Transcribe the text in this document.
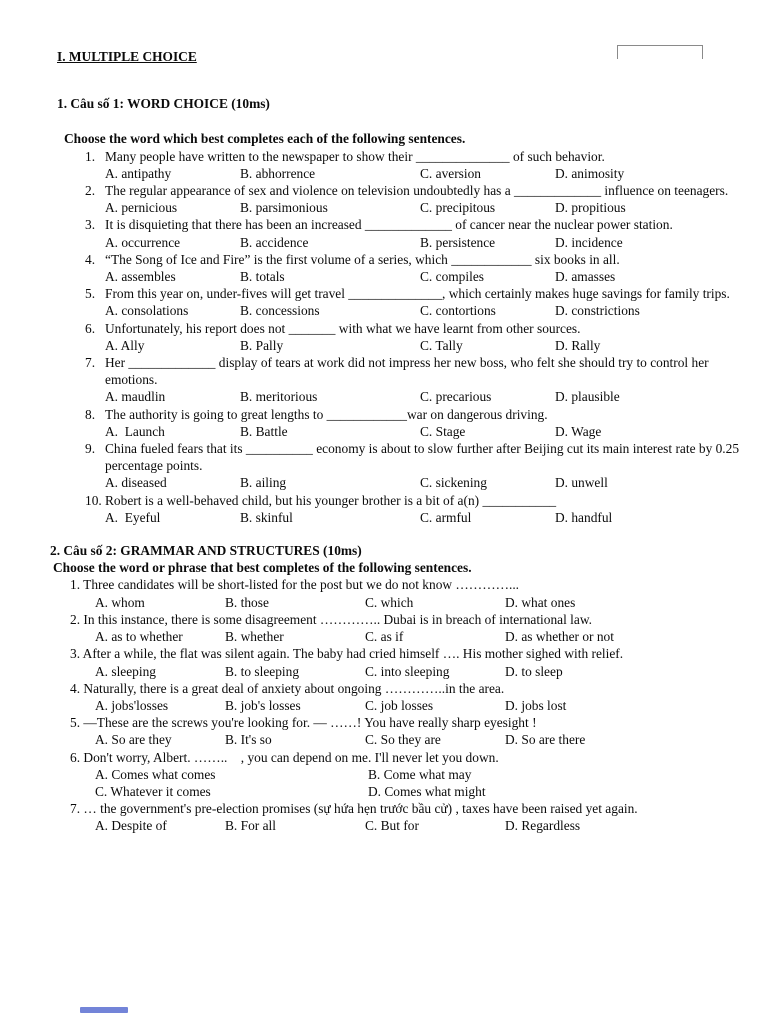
I. MULTIPLE CHOICE
1. Câu số 1: WORD CHOICE (10ms)
Choose the word which best completes each of the following sentences.
1. Many people have written to the newspaper to show their ______________ of such behavior.
A. antipathy	B. abhorrence	C. aversion	D. animosity
2. The regular appearance of sex and violence on television undoubtedly has a _____________ influence on teenagers.
A. pernicious	B. parsimonious	C. precipitous	D. propitious
3. It is disquieting that there has been an increased _____________ of cancer near the nuclear power station.
A. occurrence	B. accidence	B. persistence	D. incidence
4. “The Song of Ice and Fire” is the first volume of a series, which ____________ six books in all.
A. assembles	B. totals	C. compiles	D. amasses
5. From this year on, under-fives will get travel ______________, which certainly makes huge savings for family trips.
A. consolations	B. concessions	C. contortions	D. constrictions
6. Unfortunately, his report does not _______ with what we have learnt from other sources.
A. Ally	B. Pally	C. Tally	D. Rally
7. Her _____________ display of tears at work did not impress her new boss, who felt she should try to control her emotions.
A. maudlin	B. meritorious	C. precarious	D. plausible
8. The authority is going to great lengths to ____________war on dangerous driving.
A.  Launch	B. Battle	C. Stage	D. Wage
9. China fueled fears that its __________ economy is about to slow further after Beijing cut its main interest rate by 0.25 percentage points.
A. diseased	B. ailing	C. sickening	D. unwell
10. Robert is a well-behaved child, but his younger brother is a bit of a(n) ___________
A.  Eyeful	B. skinful	C. armful	D. handful
2. Câu số 2: GRAMMAR AND STRUCTURES (10ms)
Choose the word or phrase that best completes of the following sentences.
1. Three candidates will be short-listed for the post but we do not know …………...
A. whom	B. those	C. which	D. what ones
2. In this instance, there is some disagreement ………….. Dubai is in breach of international law.
A. as to whether	B. whether	C. as if	D. as whether or not
3. After a while, the flat was silent again. The baby had cried himself …. His mother sighed with relief.
A. sleeping	B. to sleeping	C. into sleeping	D. to sleep
4. Naturally, there is a great deal of anxiety about ongoing …………..in the area.
A. jobs'losses	B. job's losses	C. job losses	D. jobs lost
5. —These are the screws you're looking for. — ……! You have really sharp eyesight !
A. So are they	B. It's so	C. So they are	D. So are there
6. Don't worry, Albert. ……..    , you can depend on me. I'll never let you down.
A. Comes what comes	B. Come what may
C. Whatever it comes	D. Comes what might
7. … the government's pre-election promises (sự hứa hẹn trước bầu cử) , taxes have been raised yet again.
A. Despite of	B. For all	C. But for	D. Regardless
